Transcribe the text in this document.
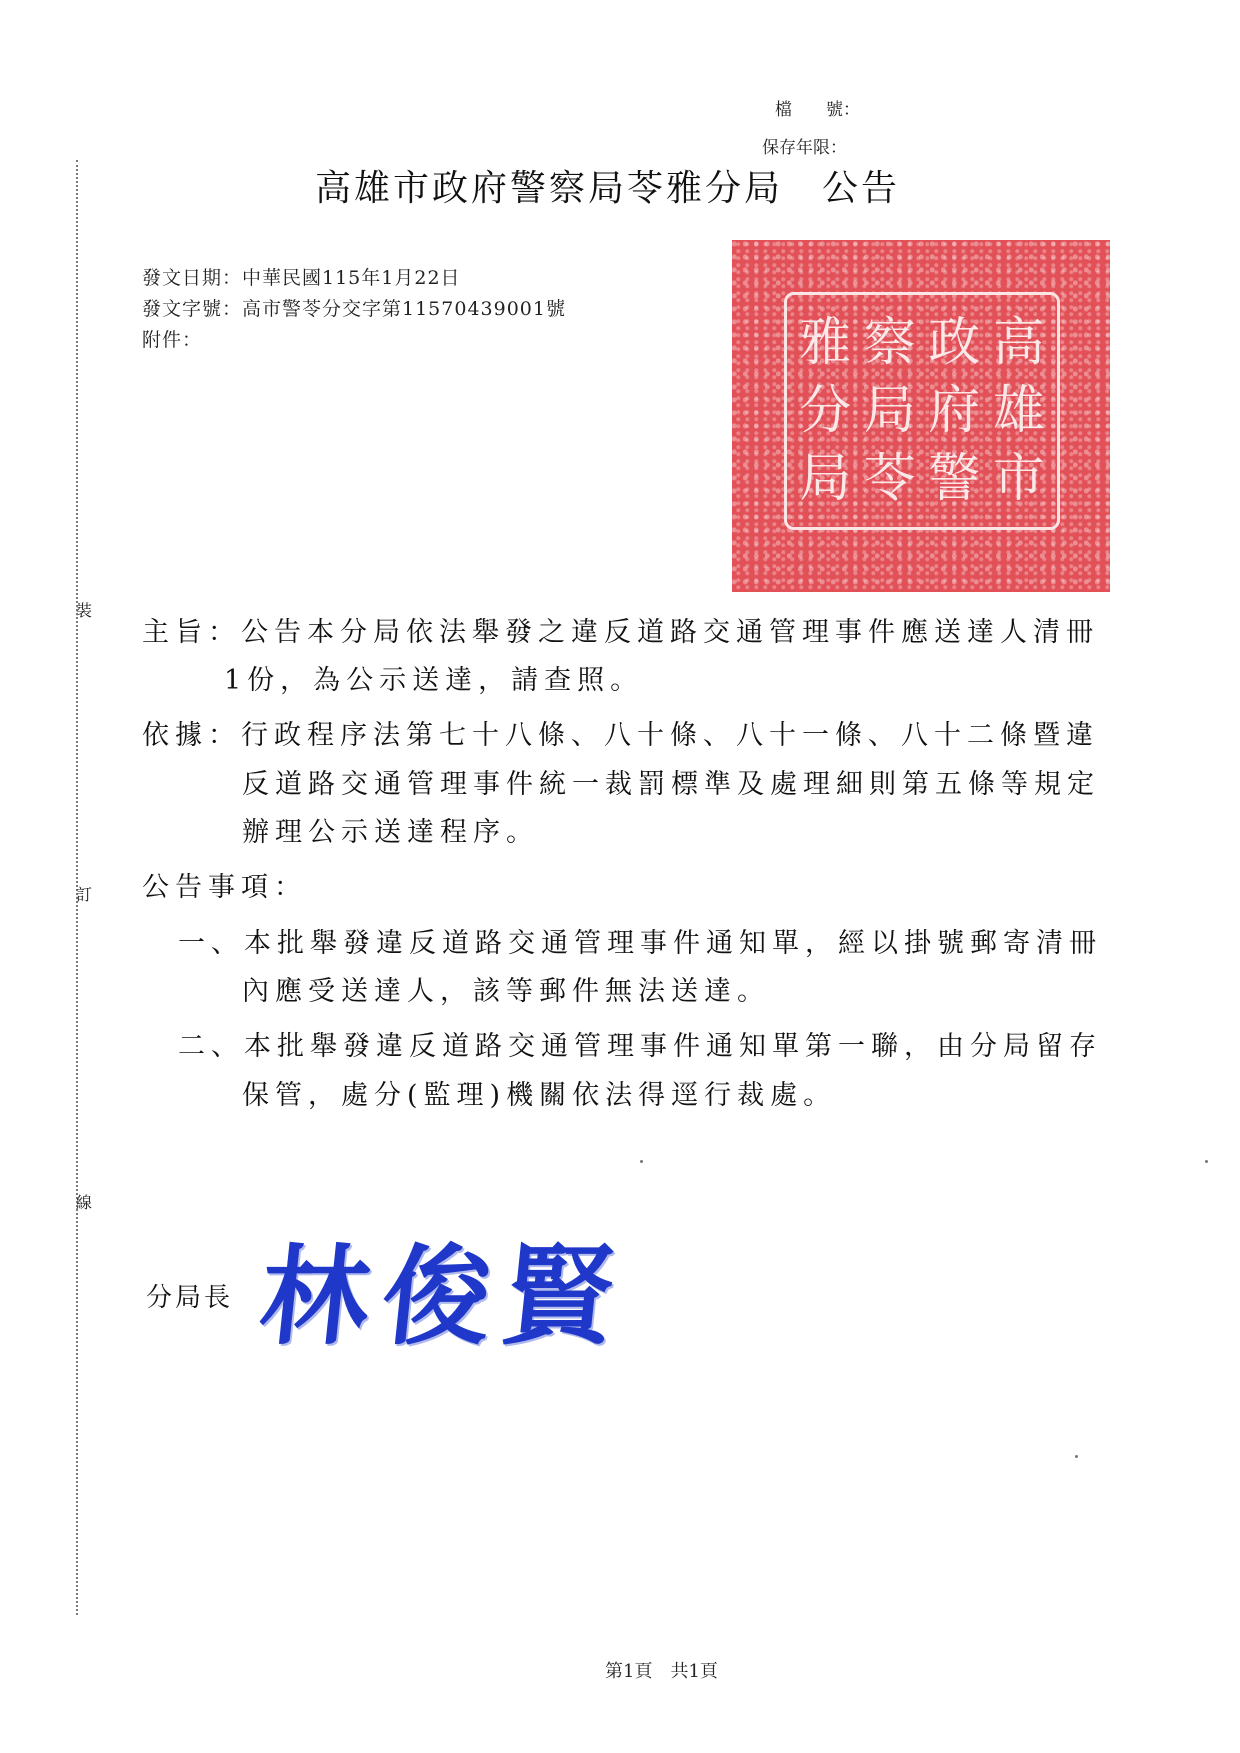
裝
訂
線
檔　　號：
保存年限：
高雄市政府警察局苓雅分局　 公告
發文日期：中華民國115年1月22日
發文字號：高市警苓分交字第11570439001號
附件：	高
雄
市
政
府
警
察
局
苓
雅
分
局
主旨：公告本分局依法舉發之違反道路交通管理事件應送達人清冊
1份，為公示送達，請查照。
依據：行政程序法第七十八條、八十條、八十一條、八十二條暨違
反道路交通管理事件統一裁罰標準及處理細則第五條等規定
辦理公示送達程序。
公告事項：
一、本批舉發違反道路交通管理事件通知單，經以掛號郵寄清冊
內應受送達人，該等郵件無法送達。
二、本批舉發違反道路交通管理事件通知單第一聯，由分局留存
保管，處分(監理)機關依法得逕行裁處。
分局長 林俊賢
第1頁　共1頁
